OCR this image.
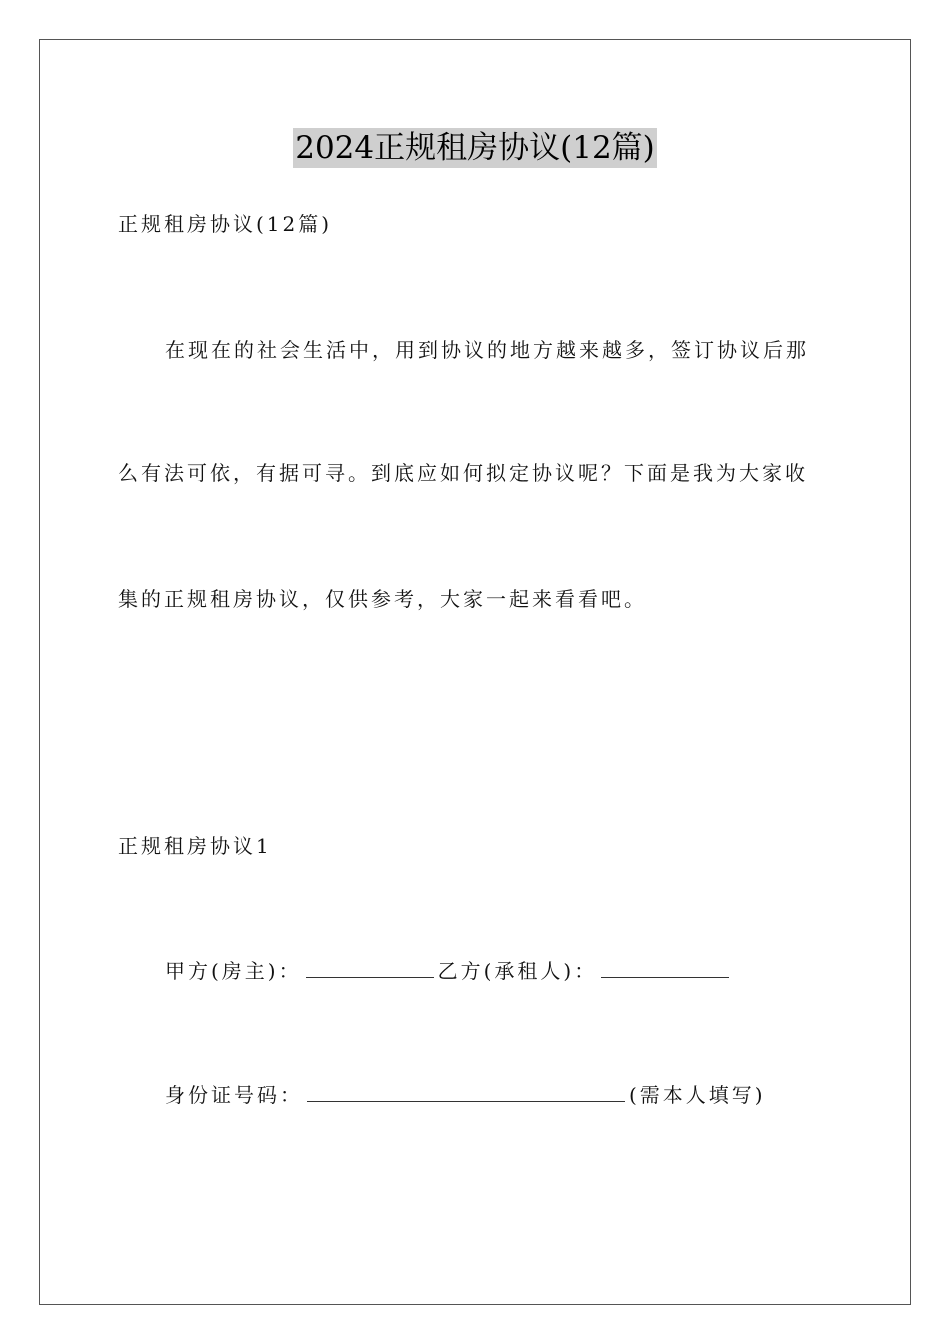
2024正规租房协议(12篇)
正规租房协议(12篇)
在现在的社会生活中，用到协议的地方越来越多，签订协议后那
么有法可依，有据可寻。到底应如何拟定协议呢？下面是我为大家收
集的正规租房协议，仅供参考，大家一起来看看吧。
正规租房协议1
甲方(房主)：	乙方(承租人)：
身份证号码：	(需本人填写)
